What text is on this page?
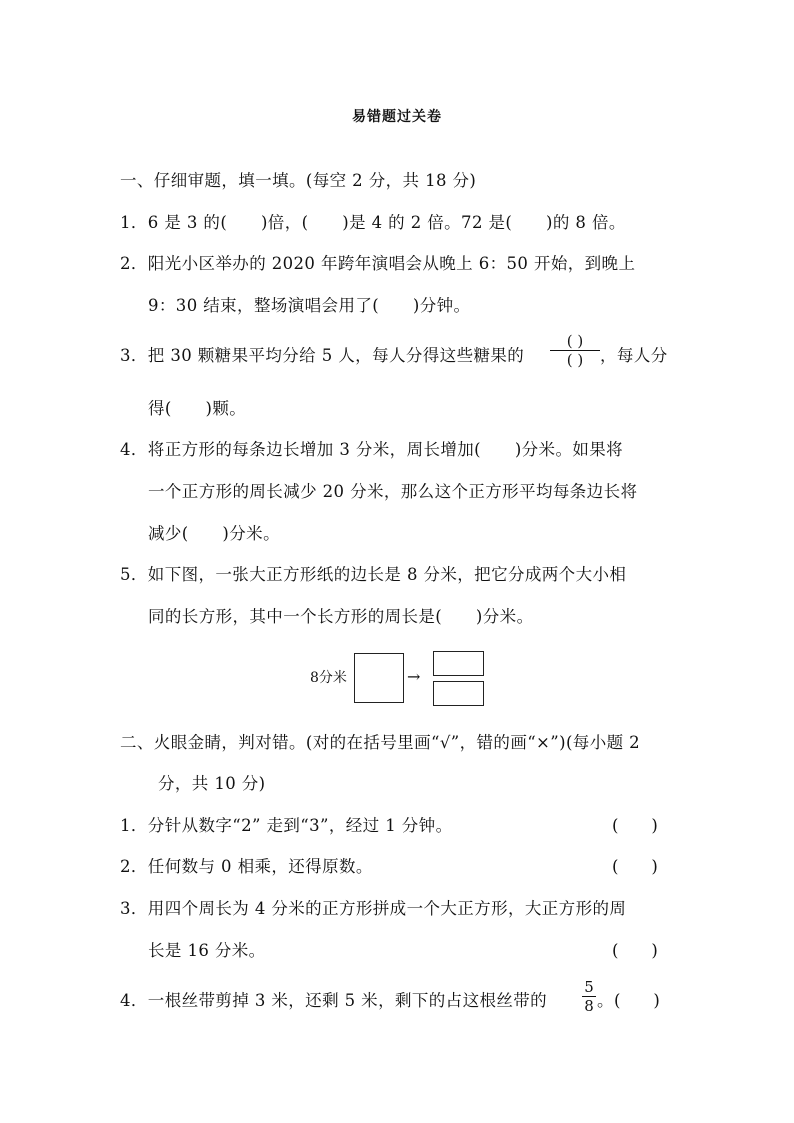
易错题过关卷
一、仔细审题，填一填。(每空 2 分，共 18 分)
1．6 是 3 的(　　)倍，(　　)是 4 的 2 倍。72 是(　　)的 8 倍。
2．阳光小区举办的 2020 年跨年演唱会从晚上 6：50 开始，到晚上
9：30 结束，整场演唱会用了(　　)分钟。
3．把 30 颗糖果平均分给 5 人，每人分得这些糖果的
( )
( )	，每人分
得(　　)颗。
4．将正方形的每条边长增加 3 分米，周长增加(　　)分米。如果将
一个正方形的周长减少 20 分米，那么这个正方形平均每条边长将
减少(　　)分米。
5．如下图，一张大正方形纸的边长是 8 分米，把它分成两个大小相
同的长方形，其中一个长方形的周长是(　　)分米。
8分米	→
二、火眼金睛，判对错。(对的在括号里画“√”，错的画“×”)(每小题 2
分，共 10 分)
1．分针从数字“2” 走到“3”，经过 1 分钟。	(　　)
2．任何数与 0 相乘，还得原数。	(　　)
3．用四个周长为 4 分米的正方形拼成一个大正方形，大正方形的周
长是 16 分米。	(　　)
4．一根丝带剪掉 3 米，还剩 5 米，剩下的占这根丝带的
5
8 。 (　　)
